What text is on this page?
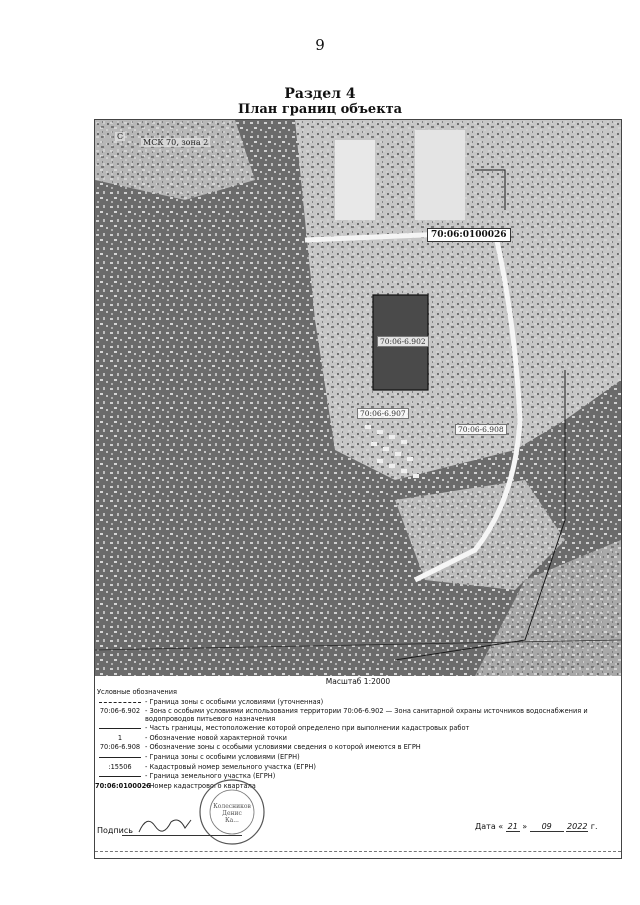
9
Раздел 4
План границ объекта
МСК 70, зона 2
С
70:06:0100026
70:06-6.902
70:06-6.907
70:06-6.908
Масштаб 1:2000
Условные обозначения
- Граница зоны с особыми условиями (уточненная)
70:06-6.902 - Зона с особыми условиями использования территории 70:06-6.902 — Зона санитарной охраны источников водоснабжения и водопроводов питьевого назначения
- Часть границы, местоположение которой определено при выполнении кадастровых работ
1	- Обозначение новой характерной точки
70:06-6.908 - Обозначение зоны с особыми условиями сведения о которой имеются в ЕГРН
- Граница зоны с особыми условиями (ЕГРН)
:15506	- Кадастровый номер земельного участка (ЕГРН)
- Граница земельного участка (ЕГРН)
70:06:0100026
- Номер кадастрового квартала
Колесников
Денис
Ка...
Подпись	Дата « 21 » 09 2022 г.
